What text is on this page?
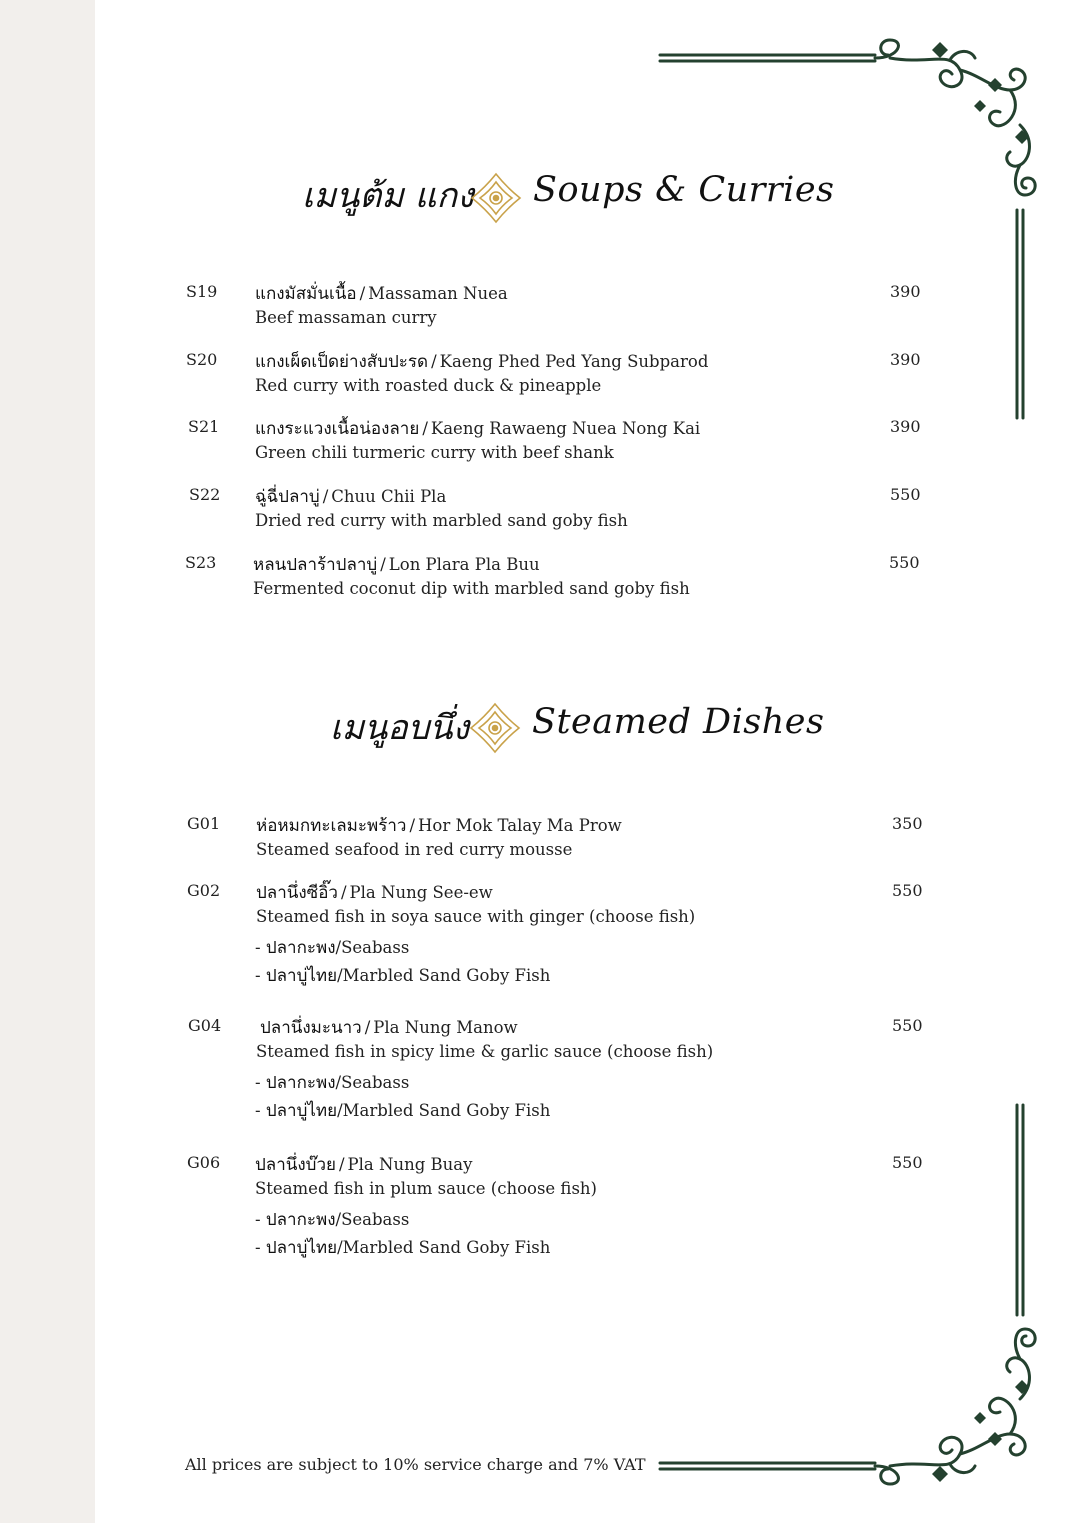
เมนูต้ม แกง Soups & Curries
S19 แกงมัสมั่นเนื้อ / Massaman Nuea	390
Beef massaman curry
S20 แกงเผ็ดเป็ดย่างสับปะรด / Kaeng Phed Ped Yang Subparod	390
Red curry with roasted duck & pineapple
S21 แกงระแวงเนื้อน่องลาย / Kaeng Rawaeng Nuea Nong Kai	390
Green chili turmeric curry with beef shank
S22 ฉู่ฉี่ปลาบู่ / Chuu Chii Pla	550
Dried red curry with marbled sand goby fish
S23 หลนปลาร้าปลาบู่ / Lon Plara Pla Buu	550
Fermented coconut dip with marbled sand goby fish
เมนูอบนึ่ง Steamed Dishes
G01 ห่อหมกทะเลมะพร้าว / Hor Mok Talay Ma Prow	350
Steamed seafood in red curry mousse
G02 ปลานึ่งซีอิ๊ว / Pla Nung See-ew	550
Steamed fish in soya sauce with ginger (choose fish)
- ปลากะพง/Seabass
- ปลาบู่ไทย/Marbled Sand Goby Fish
G04 ปลานึ่งมะนาว / Pla Nung Manow	550
Steamed fish in spicy lime & garlic sauce (choose fish)
- ปลากะพง/Seabass
- ปลาบู่ไทย/Marbled Sand Goby Fish
G06 ปลานึ่งบ๊วย / Pla Nung Buay	550
Steamed fish in plum sauce (choose fish)
- ปลากะพง/Seabass
- ปลาบู่ไทย/Marbled Sand Goby Fish
All prices are subject to 10% service charge and 7% VAT
